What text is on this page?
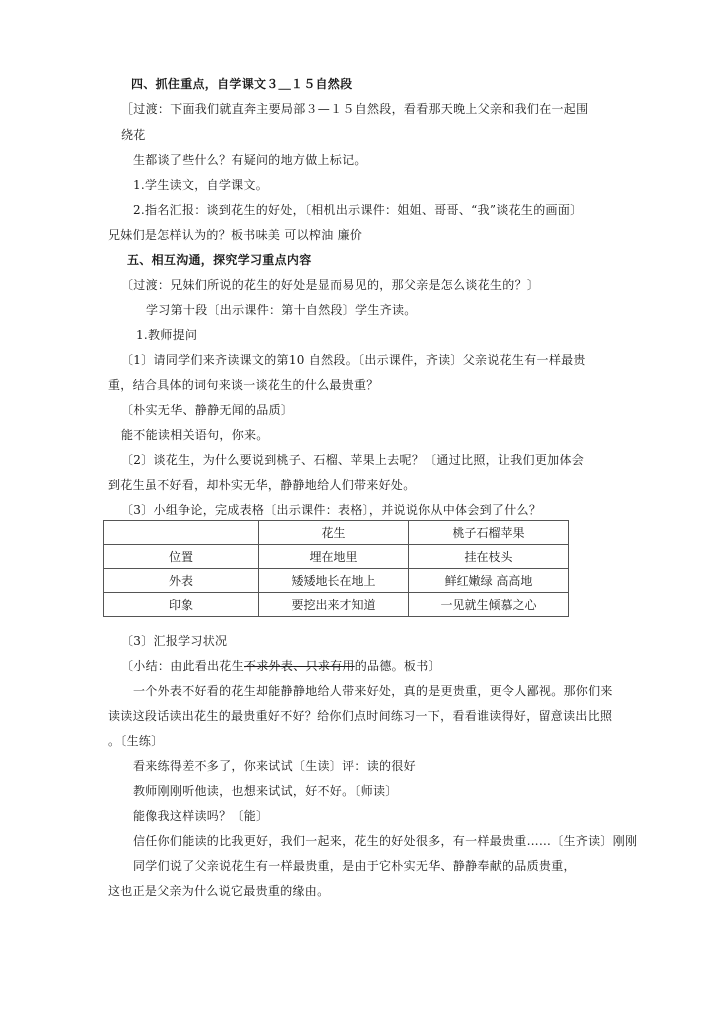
四、抓住重点，自学课文３＿１５自然段
［过渡：下面我们就直奔主要局部３—１５自然段，看看那天晚上父亲和我们在一起围
绕花
生都谈了些什么？有疑问的地方做上标记。
1.学生读文，自学课文。
2.指名汇报：谈到花生的好处，〔相机出示课件：姐姐、哥哥、“我”谈花生的画面〕
兄妹们是怎样认为的？板书味美 可以榨油 廉价
五、相互沟通，探究学习重点内容
〔过渡：兄妹们所说的花生的好处是显而易见的，那父亲是怎么谈花生的？〕
学习第十段〔出示课件：第十自然段〕学生齐读。
1.教师提问
〔1〕请同学们来齐读课文的第10 自然段。〔出示课件，齐读〕父亲说花生有一样最贵
重，结合具体的词句来谈一谈花生的什么最贵重？
〔朴实无华、静静无闻的品质〕
能不能读相关语句，你来。
〔2〕谈花生，为什么要说到桃子、石榴、苹果上去呢？〔通过比照，让我们更加体会
到花生虽不好看，却朴实无华，静静地给人们带来好处。
〔3〕小组争论，完成表格〔出示课件：表格〕，并说说你从中体会到了什么？
	花生	桃子石榴苹果
位置	埋在地里	挂在枝头
外表	矮矮地长在地上	鲜红嫩绿 高高地
印象	要挖出来才知道	一见就生倾慕之心
〔3〕汇报学习状况
〔小结：由此看出花生不求外表、只求有用的品德。板书〕
一个外表不好看的花生却能静静地给人带来好处，真的是更贵重，更令人鄙视。那你们来
读读这段话读出花生的最贵重好不好？给你们点时间练习一下，看看谁读得好，留意读出比照
。〔生练〕
看来练得差不多了，你来试试〔生读〕评：读的很好
教师刚刚听他读，也想来试试，好不好。〔师读〕
能像我这样读吗？〔能〕
信任你们能读的比我更好，我们一起来，花生的好处很多，有一样最贵重……〔生齐读〕刚刚
同学们说了父亲说花生有一样最贵重，是由于它朴实无华、静静奉献的品质贵重，
这也正是父亲为什么说它最贵重的缘由。
